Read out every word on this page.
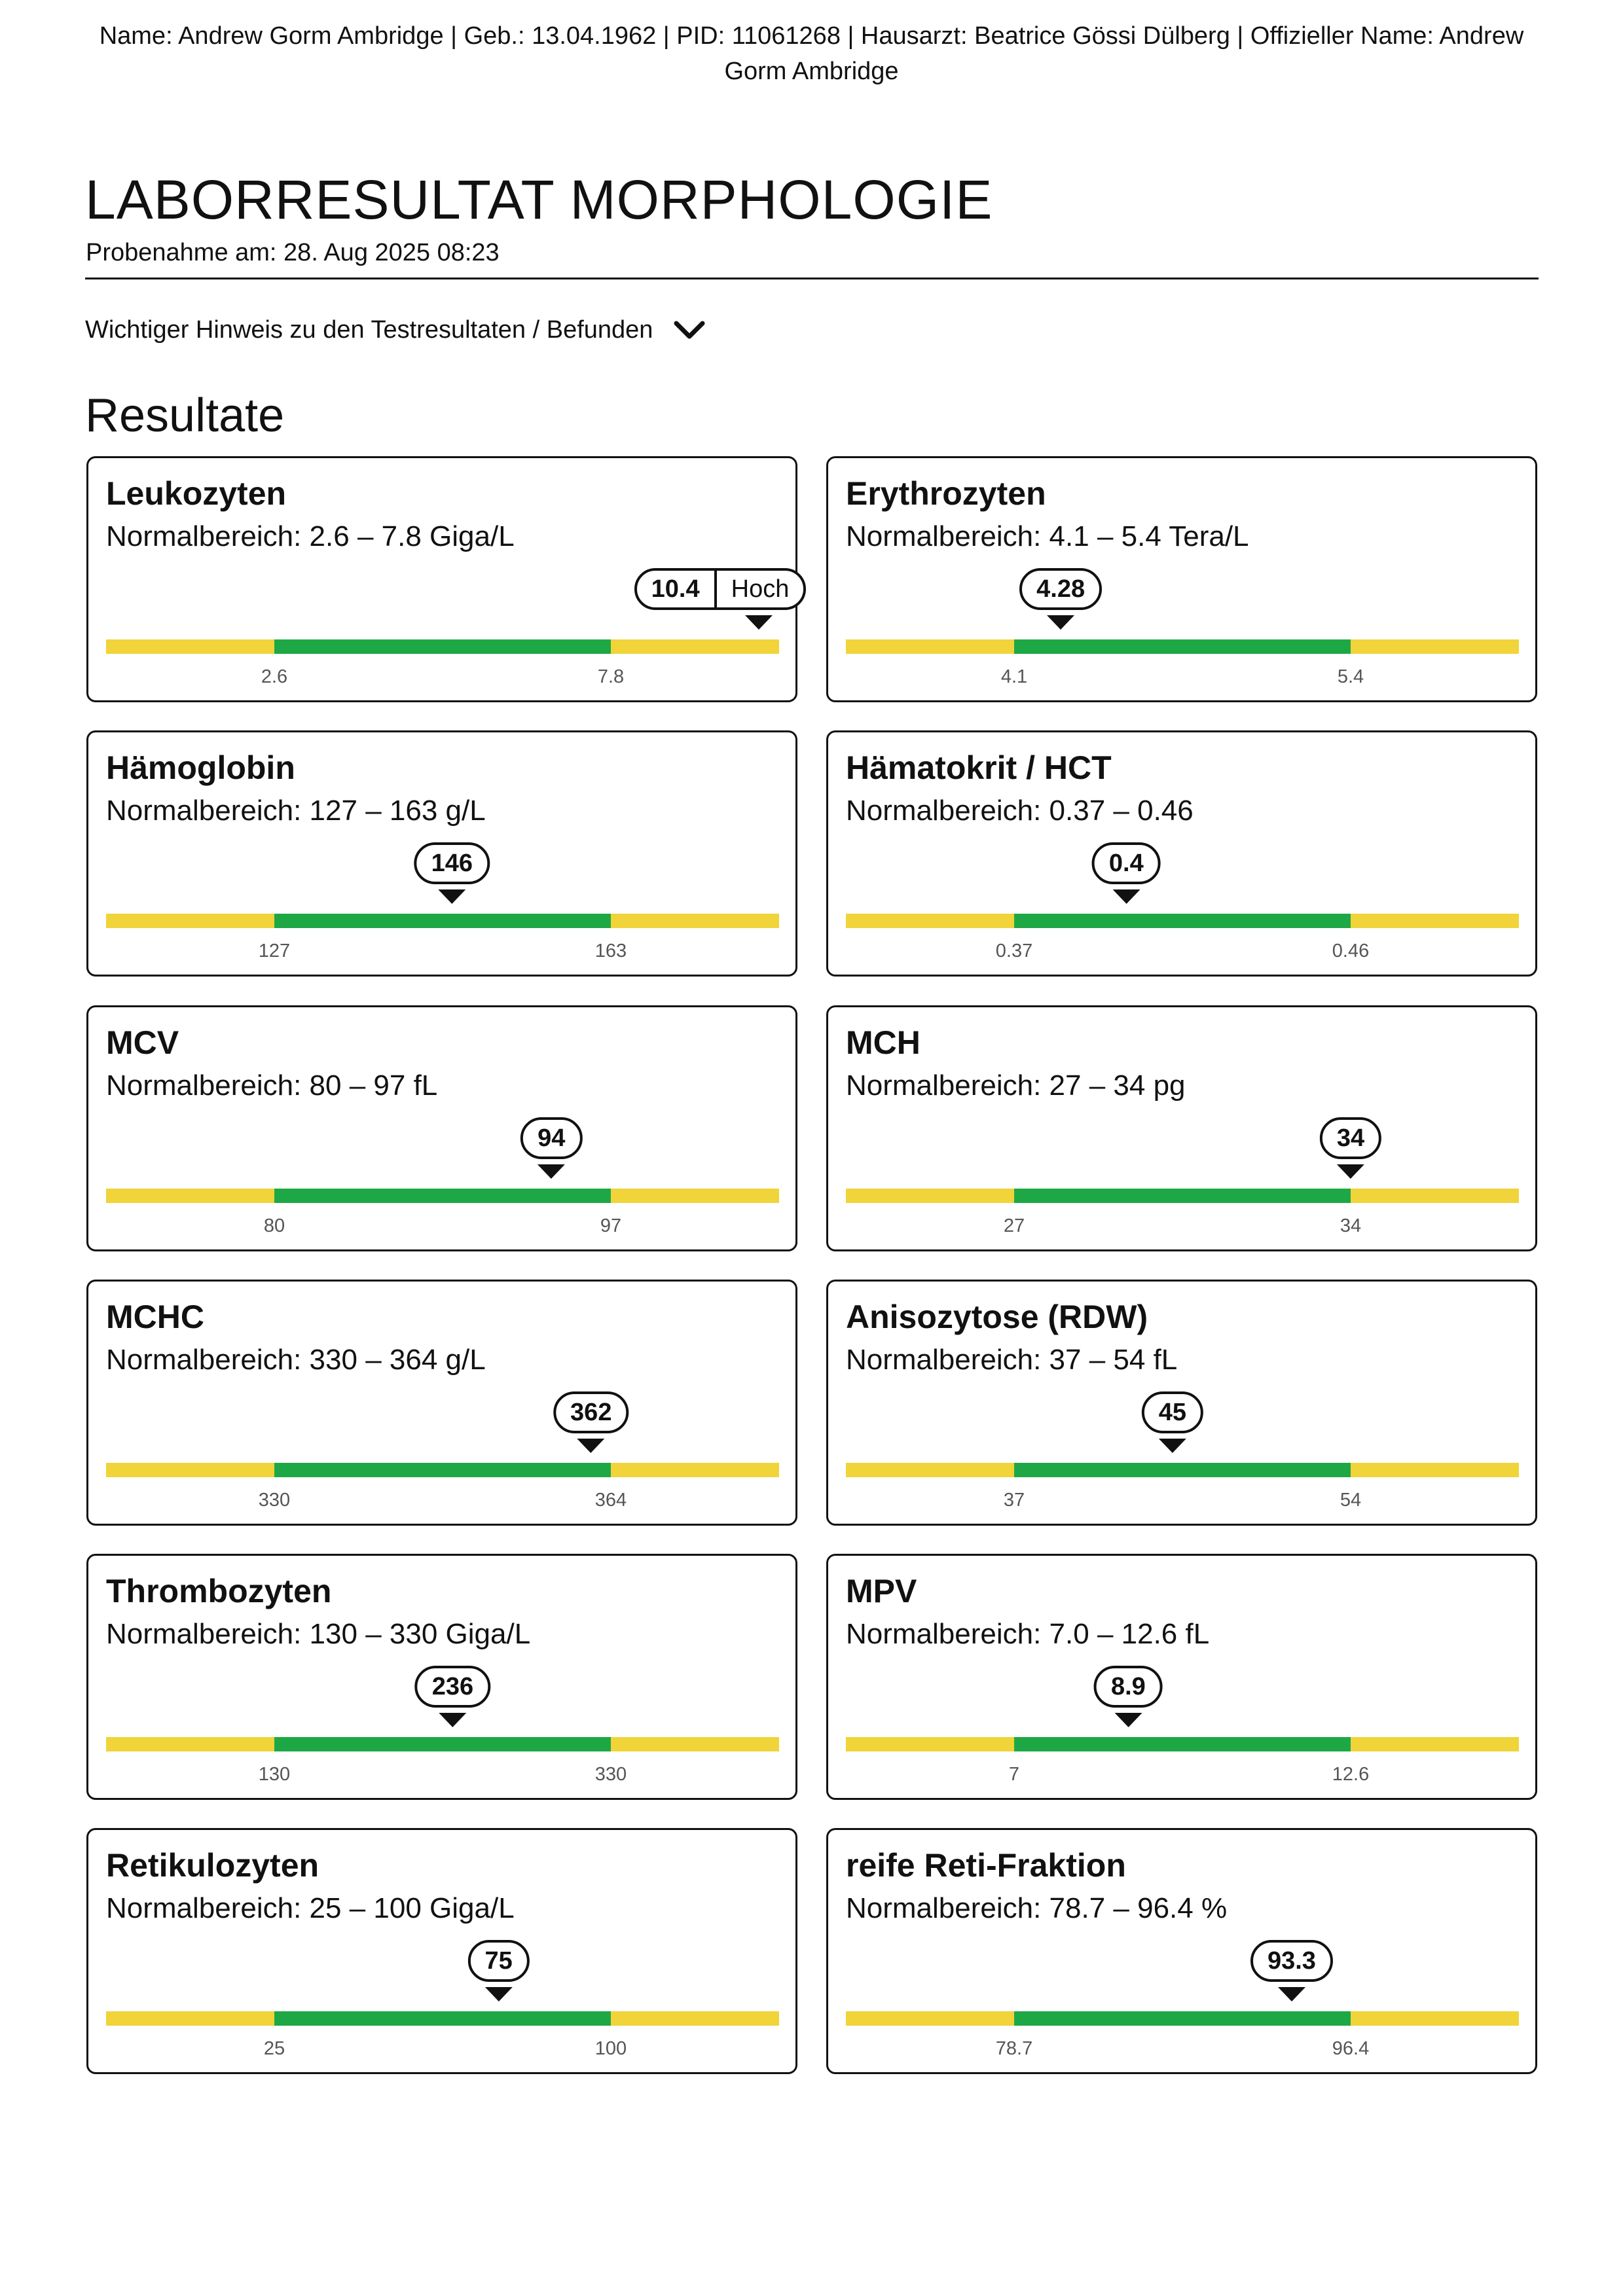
Name: Andrew Gorm Ambridge | Geb.: 13.04.1962 | PID: 11061268 | Hausarzt: Beatrice Gössi Dülberg | Offizieller Name: Andrew Gorm Ambridge
LABORRESULTAT MORPHOLOGIE
Probenahme am: 28. Aug 2025 08:23
Wichtiger Hinweis zu den Testresultaten / Befunden
Resultate
Leukozyten
Normalbereich: 2.6 – 7.8 Giga/L
2.6	7.8
10.4	Hoch
Erythrozyten
Normalbereich: 4.1 – 5.4 Tera/L
4.1	5.4
4.28
Hämoglobin
Normalbereich: 127 – 163 g/L
127	163
146
Hämatokrit / HCT
Normalbereich: 0.37 – 0.46
0.37	0.46
0.4
MCV
Normalbereich: 80 – 97 fL
80	97
94
MCH
Normalbereich: 27 – 34 pg
27	34
34
MCHC
Normalbereich: 330 – 364 g/L
330	364
362
Anisozytose (RDW)
Normalbereich: 37 – 54 fL
37	54
45
Thrombozyten
Normalbereich: 130 – 330 Giga/L
130	330
236
MPV
Normalbereich: 7.0 – 12.6 fL
7	12.6
8.9
Retikulozyten
Normalbereich: 25 – 100 Giga/L
25	100
75
reife Reti-Fraktion
Normalbereich: 78.7 – 96.4 %
78.7	96.4
93.3
